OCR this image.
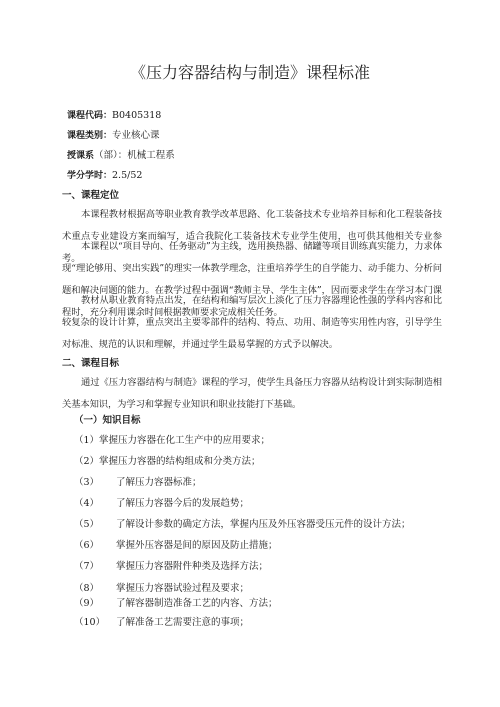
《压力容器结构与制造》课程标准
课程代码：B0405318
课程类别：专业核心课
授课系（部）：机械工程系
学分学时：2.5/52
一、课程定位
本课程教材根据高等职业教育教学改革思路、化工装备技术专业培养目标和化工程装备技术重点专业建设方案而编写，适合我院化工装备技术专业学生使用，也可供其他相关专业参考。
本课程以“项目导向、任务驱动”为主线，选用换热器、储罐等项目训练真实能力，力求体现“理论够用、突出实践”的理实一体教学理念，注重培养学生的自学能力、动手能力、分析问题和解决问题的能力。在教学过程中强调“教师主导、学生主体”，因而要求学生在学习本门课程时，充分利用课余时间根据教师要求完成相关任务。
教材从职业教育特点出发，在结构和编写层次上淡化了压力容器理论性强的学科内容和比较复杂的设计计算，重点突出主要零部件的结构、特点、功用、制造等实用性内容，引导学生对标准、规范的认识和理解，并通过学生最易掌握的方式予以解决。
二、课程目标
通过《压力容器结构与制造》课程的学习，使学生具备压力容器从结构设计到实际制造相关基本知识，为学习和掌握专业知识和职业技能打下基础。
（一）知识目标
（1）掌握压力容器在化工生产中的应用要求；
（2）掌握压力容器的结构组成和分类方法；
（3） 了解压力容器标准；
（4） 了解压力容器今后的发展趋势；
（5） 了解设计参数的确定方法，掌握内压及外压容器受压元件的设计方法；
（6） 掌握外压容器是间的原因及防止措施；
（7） 掌握压力容器附件种类及选择方法；
（8） 掌握压力容器试验过程及要求；
（9） 了解容器制造准备工艺的内容、方法；
（10） 了解准备工艺需要注意的事项；
